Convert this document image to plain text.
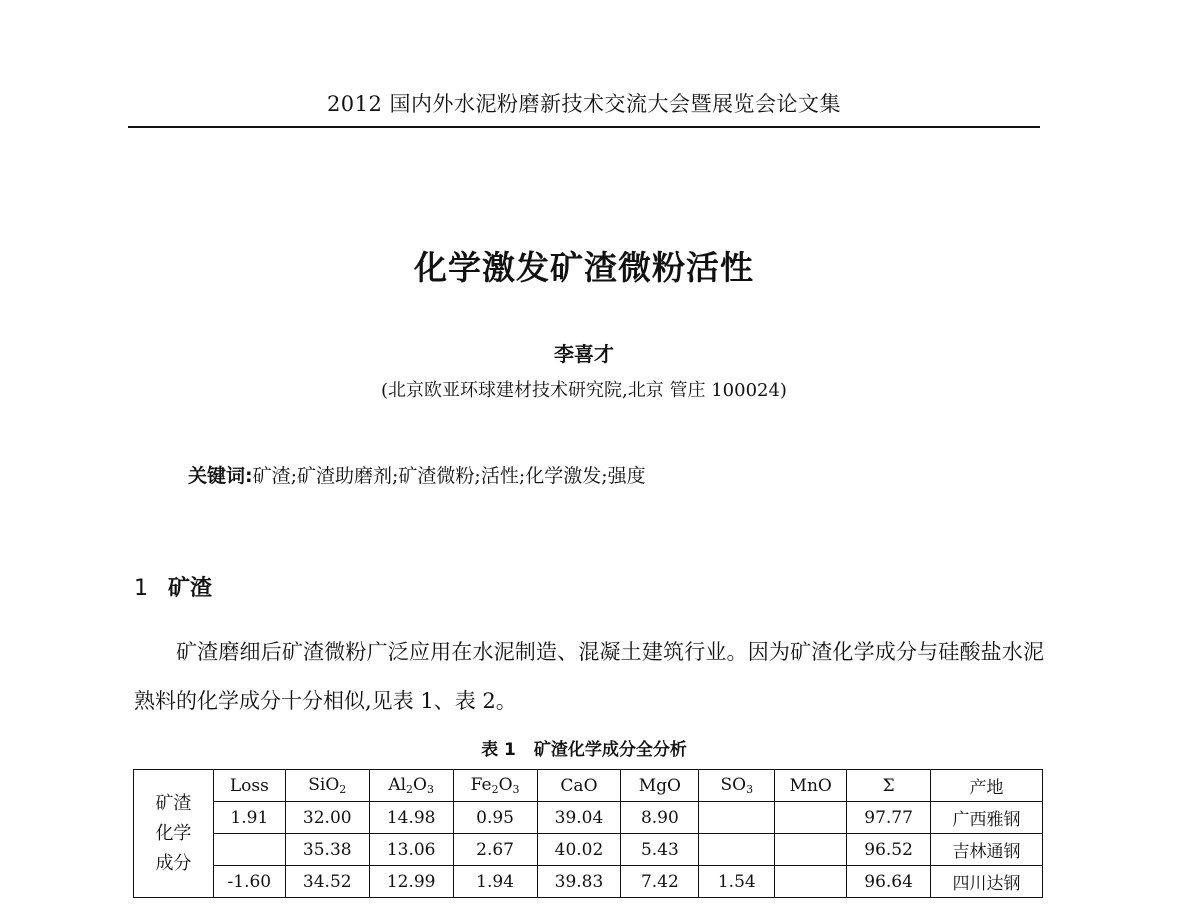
2012 国内外水泥粉磨新技术交流大会暨展览会论文集
化学激发矿渣微粉活性
李喜才
(北京欧亚环球建材技术研究院,北京 管庄 100024)
关键词:矿渣;矿渣助磨剂;矿渣微粉;活性;化学激发;强度
1 矿渣
矿渣磨细后矿渣微粉广泛应用在水泥制造、混凝土建筑行业。因为矿渣化学成分与硅酸盐水泥熟料的化学成分十分相似,见表 1、表 2。
表 1 矿渣化学成分全分析
矿渣
化学
成分	Loss	SiO$_2$	$Al_2O_3$	$Fe_2O_3$	CaO	MgO	$SO_3$	MnO	Σ	产地
	1.91	32.00	14.98	0.95	39.04	8.90			97.77	广西雅钢
		35.38	13.06	2.67	40.02	5.43			96.52	吉林通钢
	-1.60	34.52	12.99	1.94	39.83	7.42	1.54		96.64	四川达钢
